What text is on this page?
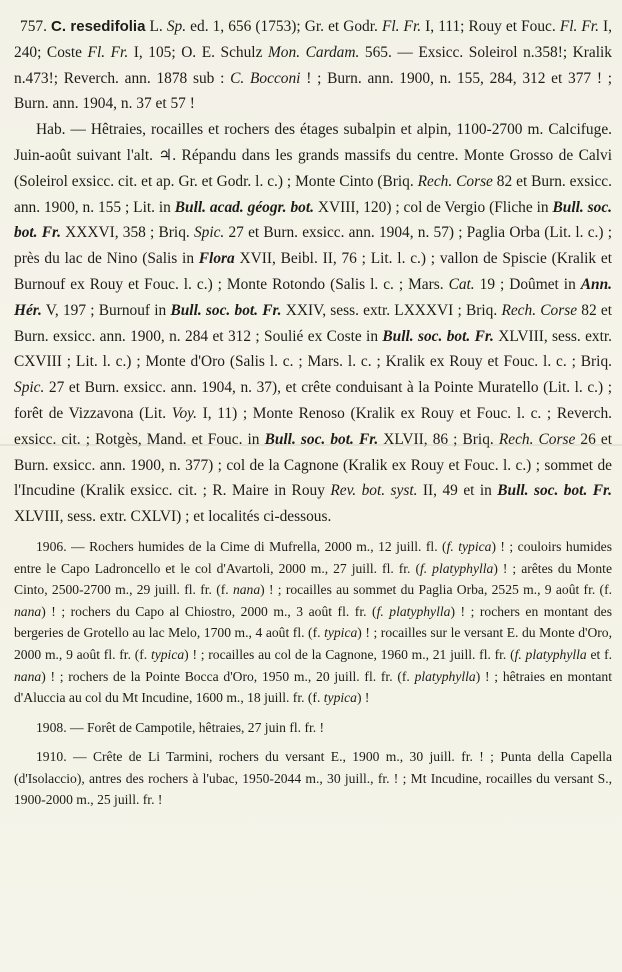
757. C. resedifolia L. Sp. ed. 1, 656 (1753); Gr. et Godr. Fl. Fr. I, 111; Rouy et Fouc. Fl. Fr. I, 240; Coste Fl. Fr. I, 105; O. E. Schulz Mon. Cardam. 565. — Exsicc. Soleirol n.358!; Kralik n.473!; Reverch. ann. 1878 sub : C. Bocconi ! ; Burn. ann. 1900, n. 155, 284, 312 et 377 ! ; Burn. ann. 1904, n. 37 et 57 !

Hab. — Hêtraies, rocailles et rochers des étages subalpin et alpin, 1100-2700 m. Calcifuge. Juin-août suivant l'alt. ♃. Répandu dans les grands massifs du centre. Monte Grosso de Calvi (Soleirol exsicc. cit. et ap. Gr. et Godr. l. c.) ; Monte Cinto (Briq. Rech. Corse 82 et Burn. exsicc. ann. 1900, n. 155 ; Lit. in Bull. acad. géogr. bot. XVIII, 120) ; col de Vergio (Fliche in Bull. soc. bot. Fr. XXXVI, 358 ; Briq. Spic. 27 et Burn. exsicc. ann. 1904, n. 57) ; Paglia Orba (Lit. l. c.) ; près du lac de Nino (Salis in Flora XVII, Beibl. II, 76 ; Lit. l. c.) ; vallon de Spiscie (Kralik et Burnouf ex Rouy et Fouc. l. c.) ; Monte Rotondo (Salis l. c. ; Mars. Cat. 19 ; Doûmet in Ann. Hér. V, 197 ; Burnouf in Bull. soc. bot. Fr. XXIV, sess. extr. LXXXVI ; Briq. Rech. Corse 82 et Burn. exsicc. ann. 1900, n. 284 et 312 ; Soulié ex Coste in Bull. soc. bot. Fr. XLVIII, sess. extr. CXVIII ; Lit. l. c.) ; Monte d'Oro (Salis l. c. ; Mars. l. c. ; Kralik ex Rouy et Fouc. l. c. ; Briq. Spic. 27 et Burn. exsicc. ann. 1904, n. 37), et crête conduisant à la Pointe Muratello (Lit. l. c.) ; forêt de Vizzavona (Lit. Voy. I, 11) ; Monte Renoso (Kralik ex Rouy et Fouc. l. c. ; Reverch. exsicc. cit. ; Rotgès, Mand. et Fouc. in Bull. soc. bot. Fr. XLVII, 86 ; Briq. Rech. Corse 26 et Burn. exsicc. ann. 1900, n. 377) ; col de la Cagnone (Kralik ex Rouy et Fouc. l. c.) ; sommet de l'Incudine (Kralik exsicc. cit. ; R. Maire in Rouy Rev. bot. syst. II, 49 et in Bull. soc. bot. Fr. XLVIII, sess. extr. CXLVI) ; et localités ci-dessous.

1906. — Rochers humides de la Cime di Mufrella, 2000 m., 12 juill. fl. (f. typica) ! ; couloirs humides entre le Capo Ladroncello et le col d'Avartoli, 2000 m., 27 juill. fl. fr. (f. platyphylla) ! ; arêtes du Monte Cinto, 2500-2700 m., 29 juill. fl. fr. (f. nana) ! ; rocailles au sommet du Paglia Orba, 2525 m., 9 août fr. (f. nana) ! ; rochers du Capo al Chiostro, 2000 m., 3 août fl. fr. (f. platyphylla) ! ; rochers en montant des bergeries de Grotello au lac Melo, 1700 m., 4 août fl. (f. typica) ! ; rocailles sur le versant E. du Monte d'Oro, 2000 m., 9 août fl. fr. (f. typica) ! ; rocailles au col de la Cagnone, 1960 m., 21 juill. fl. fr. (f. platyphylla et f. nana) ! ; rochers de la Pointe Bocca d'Oro, 1950 m., 20 juill. fl. fr. (f. platyphylla) ! ; hêtraies en montant d'Aluccia au col du Mt Incudine, 1600 m., 18 juill. fr. (f. typica) !

1908. — Forêt de Campotile, hêtraies, 27 juin fl. fr. !

1910. — Crête de Li Tarmini, rochers du versant E., 1900 m., 30 juill. fr. ! ; Punta della Capella (d'Isolaccio), antres des rochers à l'ubac, 1950-2044 m., 30 juill., fr. ! ; Mt Incudine, rocailles du versant S., 1900-2000 m., 25 juill. fr. !
